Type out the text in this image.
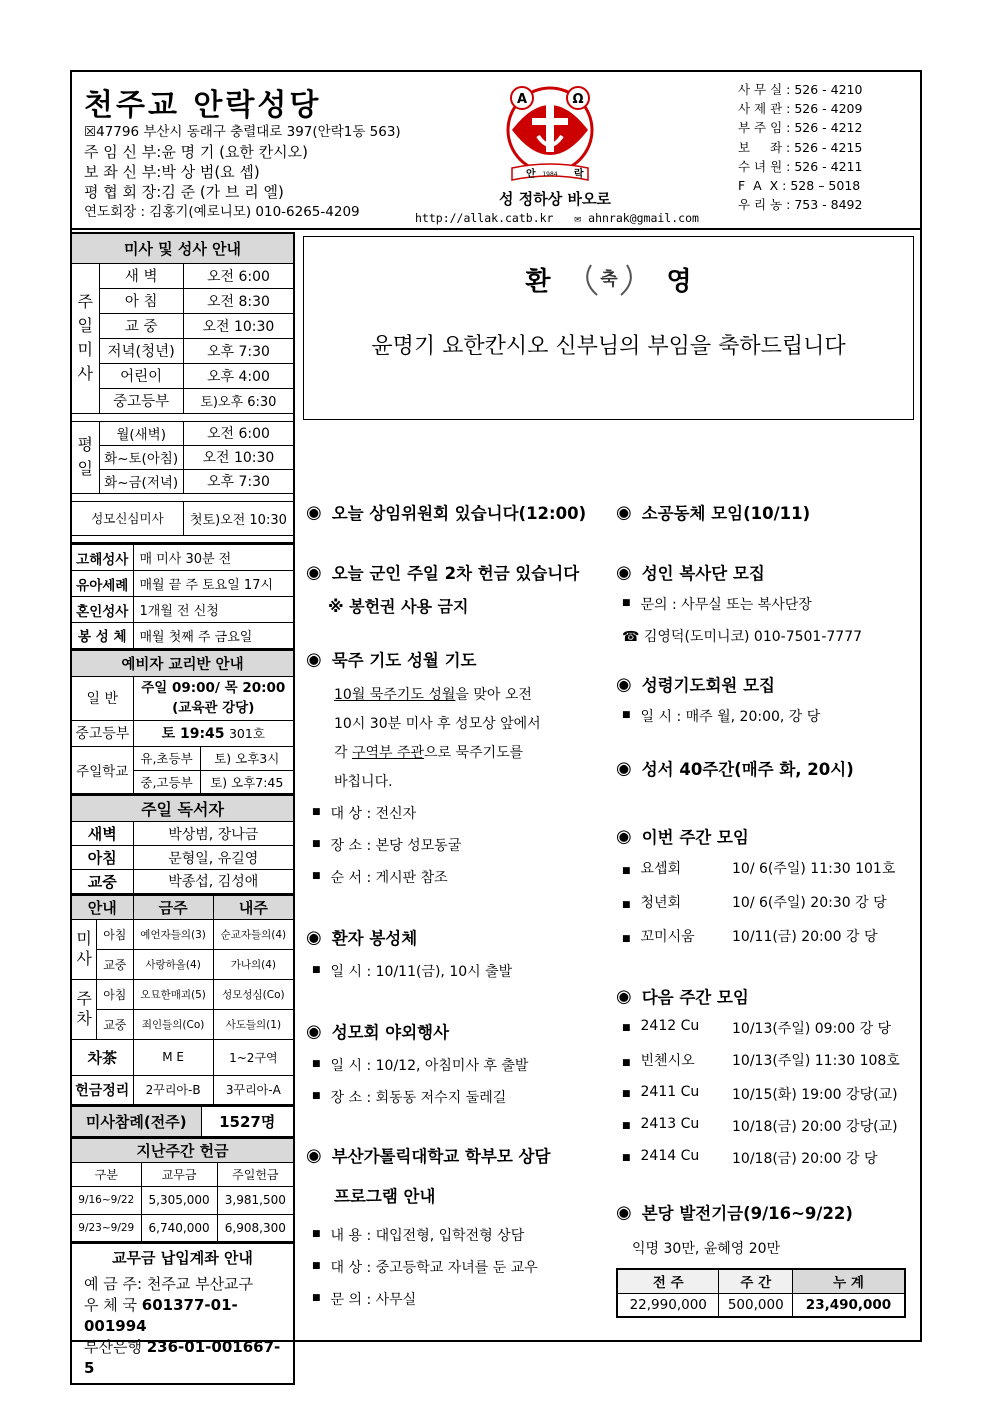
천주교 안락성당
☒47796 부산시 동래구 충렬대로 397(안락1동 563)
주 임 신 부:윤 명 기 (요한 칸시오)
보 좌 신 부:박 상 범(요 셉)
평 협 회 장:김 준 (가 브 리 엘)
연도회장 : 김홍기(예로니모) 010-6265-4209
A	Ω
안	락
1984
성 정하상 바오로
http://allak.catb.kr ✉ ahnrak@gmail.com
사 무 실 : 526 - 4210
사 제 관 : 526 - 4209
부 주 임 : 526 - 4212
보     좌 : 526 - 4215
수 녀 원 : 526 - 4211
F  A  X : 528 – 5018
우 리 농 : 753 - 8492
미사 및 성사 안내		

주
일
미
사	새 벽	오전 6:00
	아 침	오전 8:30
	교 중	오전 10:30
	저녁(청년)	오후 7:30
	어린이	오후 4:00
	중고등부	토)오후 6:30

평
일	월(새벽)	오전 6:00
	화~토(아침)	오전 10:30
	화~금(저녁)	오후 7:30

성모신심미사		첫토)오전 10:30

고해성사	매 미사 30분 전
유아세례	매월 끝 주 토요일 17시
혼인성사	1개월 전 신청
봉 성 체	매월 첫째 주 금요일
예비자 교리반 안내		
일 반	주일 09:00/ 목 20:00
(교육관 강당)	

중고등부	토 19:45 301호	
주일학교	유,초등부	토) 오후3시
	중,고등부	토) 오후7:45
주일 독서자	
새벽	박상범, 장나금
아침	문형일, 유길영
교중	박종섭, 김성애
안내		금주	내주

미
사	아침	예언자들의(3)	순교자들의(4)
	교중	사랑하올(4)	가나의(4)

주
차	아침	오묘한매괴(5)	성모성심(Co)
	교중	죄인들의(Co)	사도들의(1)
차茶		M E	1~2구역
헌금정리		2꾸리아-B	3꾸리아-A
미사참례(전주)	1527명
지난주간 헌금		
구분	교무금	주일헌금
9/16~9/22	5,305,000	3,981,500
9/23~9/29	6,740,000	6,908,300
교무금 납입계좌 안내

예 금 주: 천주교 부산교구
우 체 국 601377-01-001994
부산은행 236-01-001667-5
환	축 영
윤명기 요한칸시오 신부님의 부임을 축하드립니다
◉ 오늘 상임위원회 있습니다(12:00)
◉ 오늘 군인 주일 2차 헌금 있습니다
※ 봉헌권 사용 금지
◉ 묵주 기도 성월 기도
10월 묵주기도 성월을 맞아 오전
10시 30분 미사 후 성모상 앞에서
각 구역부 주관으로 묵주기도를
바칩니다.
■ 대 상 : 전신자
■ 장 소 : 본당 성모동굴
■ 순 서 : 게시판 참조
◉ 환자 봉성체
■ 일 시 : 10/11(금), 10시 출발
◉ 성모회 야외행사
■ 일 시 : 10/12, 아침미사 후 출발
■ 장 소 : 회동동 저수지 둘레길
◉ 부산가톨릭대학교 학부모 상담
프로그램 안내
■ 내 용 : 대입전형, 입학전형 상담
■ 대 상 : 중고등학교 자녀를 둔 교우
■ 문 의 : 사무실
◉ 소공동체 모임(10/11)
◉ 성인 복사단 모집
■ 문의 : 사무실 또는 복사단장
☎ 김영덕(도미니코) 010-7501-7777
◉ 성령기도회원 모집
■ 일 시 : 매주 월, 20:00, 강 당
◉ 성서 40주간(매주 화, 20시)
◉ 이번 주간 모임
■ 요셉회	10/ 6(주일) 11:30 101호
■ 청년회	10/ 6(주일) 20:30 강 당
■ 꼬미시움	10/11(금) 20:00 강 당
◉ 다음 주간 모임
■ 2412 Cu	10/13(주일) 09:00 강 당
■ 빈첸시오	10/13(주일) 11:30 108호
■ 2411 Cu	10/15(화) 19:00 강당(교)
■ 2413 Cu	10/18(금) 20:00 강당(교)
■ 2414 Cu	10/18(금) 20:00 강 당
◉ 본당 발전기금(9/16~9/22)
익명 30만, 윤혜영 20만
전 주	주 간	누 계
22,990,000	500,000	23,490,000
